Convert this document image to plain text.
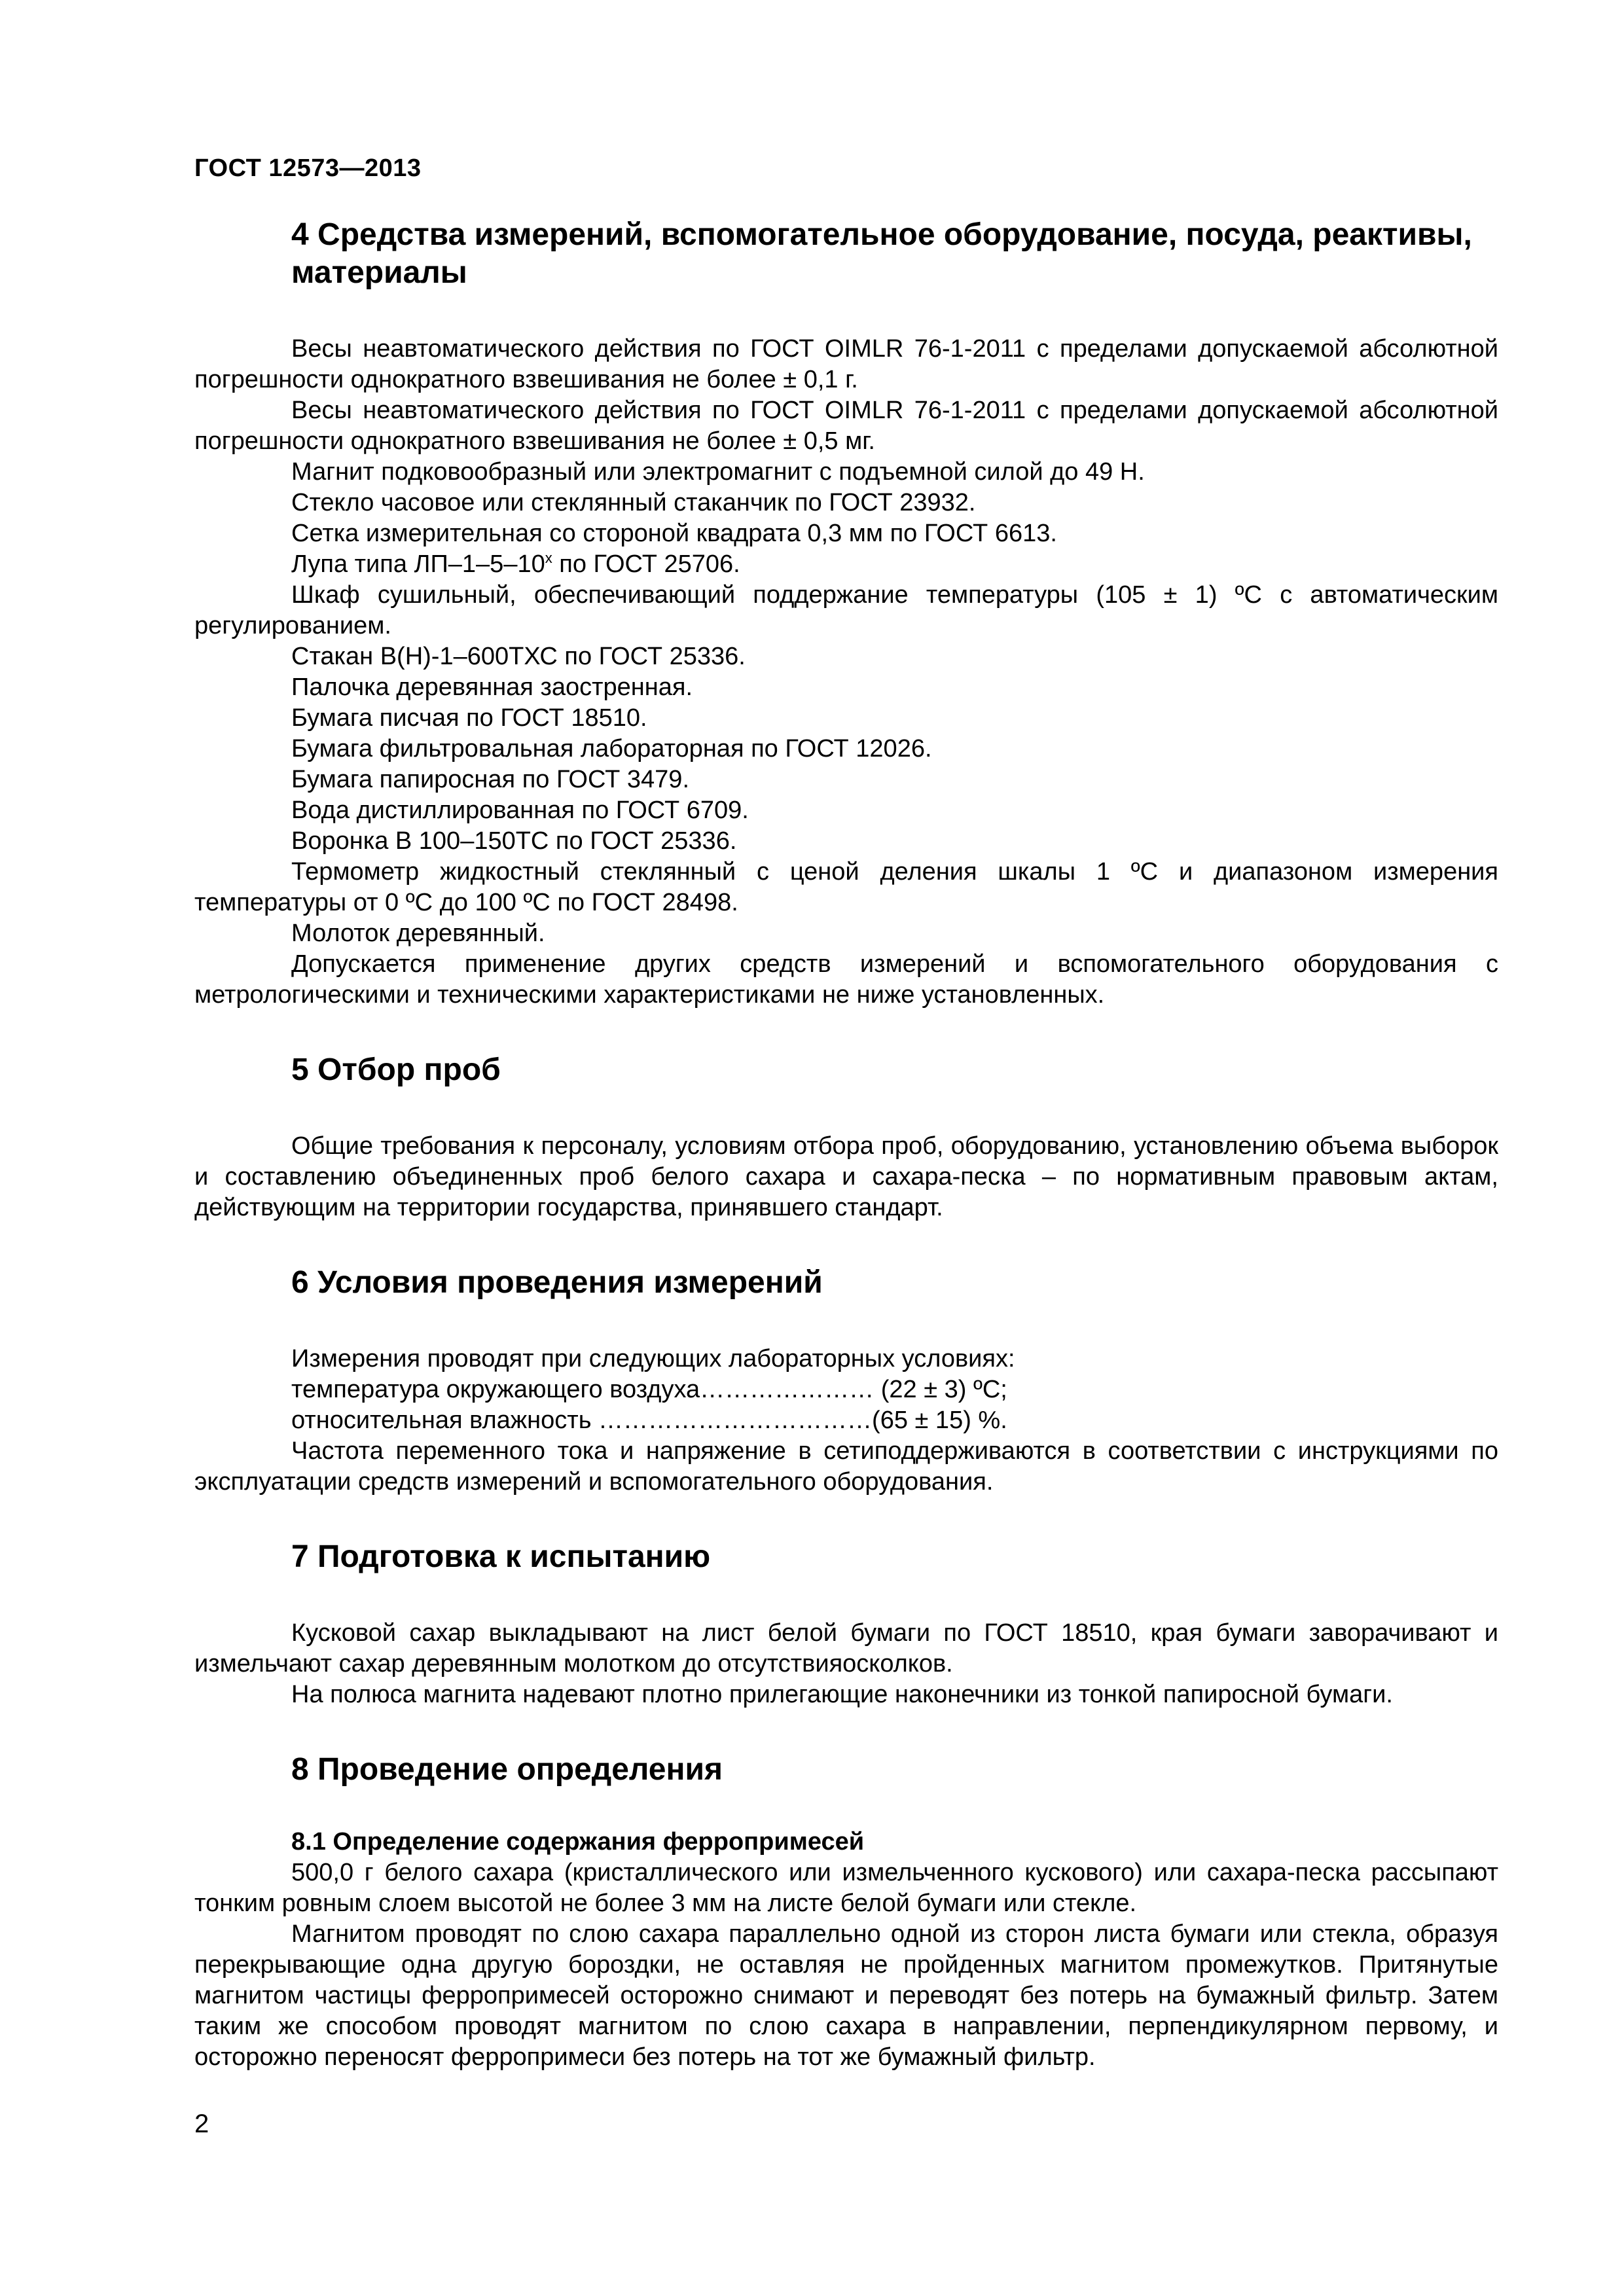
ГОСТ 12573—2013
4 Средства измерений, вспомогательное оборудование, посуда, реактивы, материалы

Весы неавтоматического действия по ГОСТ OIMLR 76-1-2011 с пределами допускаемой абсолютной погрешности однократного взвешивания не более ± 0,1 г.

Весы неавтоматического действия по ГОСТ OIMLR 76-1-2011 с пределами допускаемой абсолютной погрешности однократного взвешивания не более ± 0,5 мг.

Магнит подковообразный или электромагнит с подъемной силой до 49 Н.

Стекло часовое или стеклянный стаканчик по ГОСТ 23932.

Сетка измерительная со стороной квадрата 0,3 мм по ГОСТ 6613.

Лупа типа $ЛП-1-5-10^х$ по ГОСТ 25706.

Шкаф сушильный, обеспечивающий поддержание температуры (105 ± 1) ºС с автоматическим регулированием.

Стакан В(Н)-1–600ТХС по ГОСТ 25336.

Палочка деревянная заостренная.

Бумага писчая по ГОСТ 18510.

Бумага фильтровальная лабораторная по ГОСТ 12026.

Бумага папиросная по ГОСТ 3479.

Вода дистиллированная по ГОСТ 6709.

Воронка В 100–150ТС по ГОСТ 25336.

Термометр жидкостный стеклянный с ценой деления шкалы 1 ºС и диапазоном измерения температуры от 0 ºС до 100 ºС по ГОСТ 28498.

Молоток деревянный.

Допускается применение других средств измерений и вспомогательного оборудования с метрологическими и техническими характеристиками не ниже установленных.

5 Отбор проб

Общие требования к персоналу, условиям отбора проб, оборудованию, установлению объема выборок и составлению объединенных проб белого сахара и сахара-песка – по нормативным правовым актам, действующим на территории государства, принявшего стандарт.

6 Условия проведения измерений

Измерения проводят при следующих лабораторных условиях:

температура окружающего воздуха………………… (22 ± 3) ºС;

относительная влажность ……………………………(65 ± 15) %.

Частота переменного тока и напряжение в сетиподдерживаются в соответствии с инструкциями по эксплуатации средств измерений и вспомогательного оборудования.

7 Подготовка к испытанию

Кусковой сахар выкладывают на лист белой бумаги по ГОСТ 18510, края бумаги заворачивают и измельчают сахар деревянным молотком до отсутствияосколков.

На полюса магнита надевают плотно прилегающие наконечники из тонкой папиросной бумаги.

8 Проведение определения
8.1 Определение содержания ферропримесей

500,0 г белого сахара (кристаллического или измельченного кускового) или сахара-песка рассыпают тонким ровным слоем высотой не более 3 мм на листе белой бумаги или стекле.

Магнитом проводят по слою сахара параллельно одной из сторон листа бумаги или стекла, образуя перекрывающие одна другую бороздки, не оставляя не пройденных магнитом промежутков. Притянутые магнитом частицы ферропримесей осторожно снимают и переводят без потерь на бумажный фильтр. Затем таким же способом проводят магнитом по слою сахара в направлении, перпендикулярном первому, и осторожно переносят ферропримеси без потерь на тот же бумажный фильтр.

2
